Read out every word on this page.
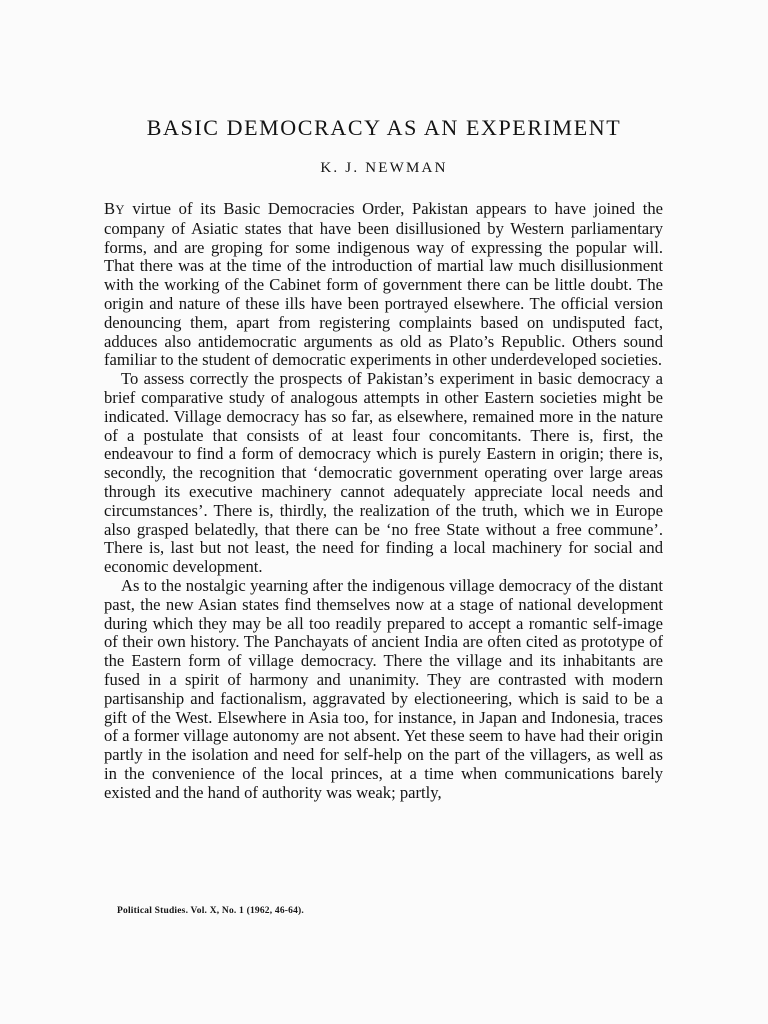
BASIC DEMOCRACY AS AN EXPERIMENT
K. J. NEWMAN

BY virtue of its Basic Democracies Order, Pakistan appears to have joined the company of Asiatic states that have been disillusioned by Western parliamentary forms, and are groping for some indigenous way of expressing the popular will. That there was at the time of the introduction of martial law much disillusionment with the working of the Cabinet form of government there can be little doubt. The origin and nature of these ills have been portrayed elsewhere. The official version denouncing them, apart from registering complaints based on undisputed fact, adduces also antidemocratic arguments as old as Plato’s Republic. Others sound familiar to the student of democratic experiments in other underdeveloped societies.

To assess correctly the prospects of Pakistan’s experiment in basic democracy a brief comparative study of analogous attempts in other Eastern societies might be indicated. Village democracy has so far, as elsewhere, remained more in the nature of a postulate that consists of at least four concomitants. There is, first, the endeavour to find a form of democracy which is purely Eastern in origin; there is, secondly, the recognition that ‘democratic government operating over large areas through its executive machinery cannot adequately appreciate local needs and circumstances’. There is, thirdly, the realization of the truth, which we in Europe also grasped belatedly, that there can be ‘no free State without a free commune’. There is, last but not least, the need for finding a local machinery for social and economic development.

As to the nostalgic yearning after the indigenous village democracy of the distant past, the new Asian states find themselves now at a stage of national development during which they may be all too readily prepared to accept a romantic self-image of their own history. The Panchayats of ancient India are often cited as prototype of the Eastern form of village democracy. There the village and its inhabitants are fused in a spirit of harmony and unanimity. They are contrasted with modern partisanship and factionalism, aggravated by electioneering, which is said to be a gift of the West. Elsewhere in Asia too, for instance, in Japan and Indonesia, traces of a former village autonomy are not absent. Yet these seem to have had their origin partly in the isolation and need for self-help on the part of the villagers, as well as in the convenience of the local princes, at a time when communications barely existed and the hand of authority was weak; partly,

Political Studies. Vol. X, No. 1 (1962, 46-64).
